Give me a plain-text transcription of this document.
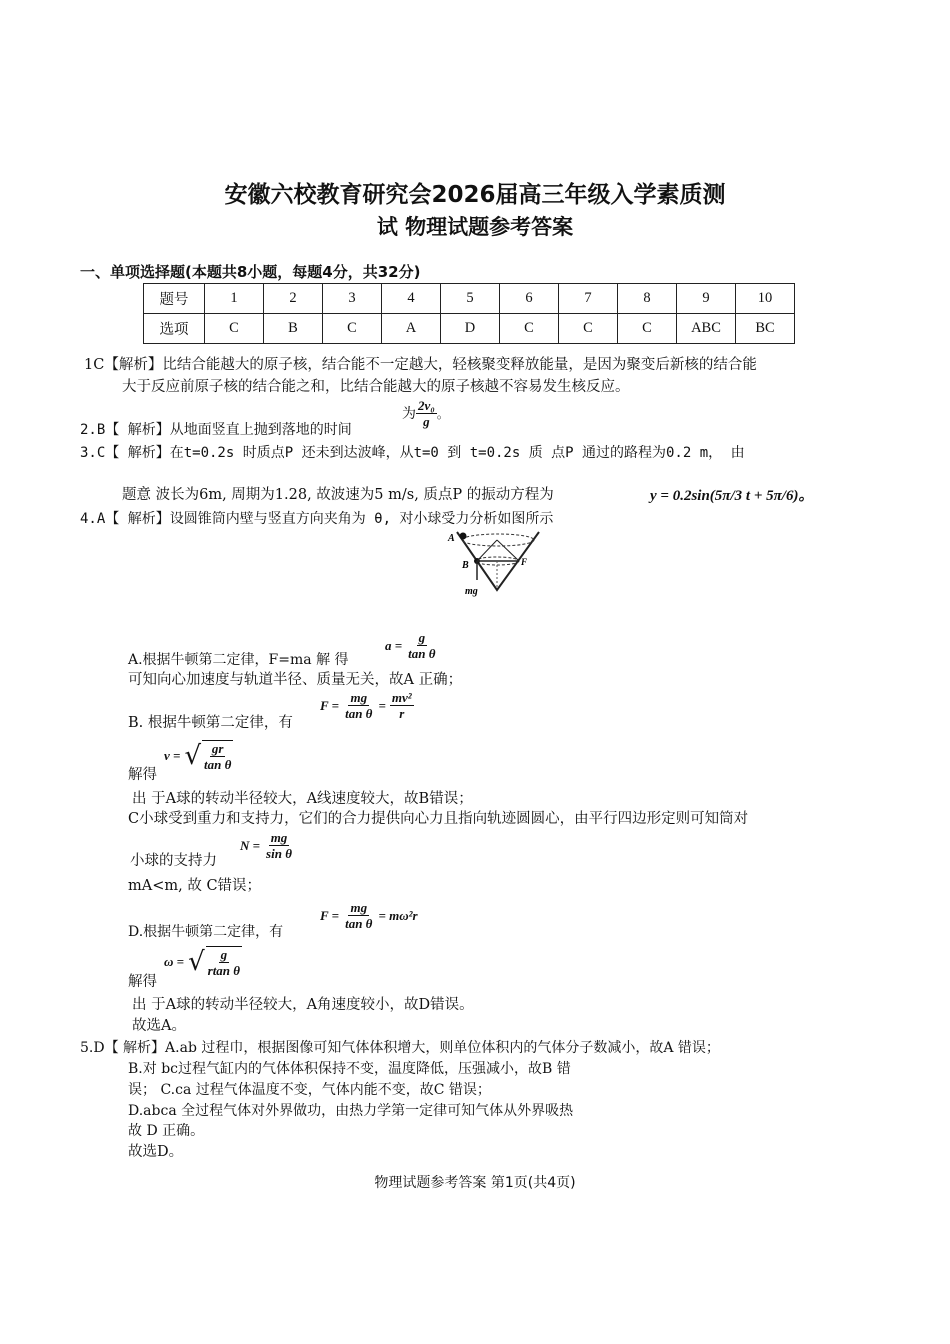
安徽六校教育研究会2026届高三年级入学素质测
试 物理试题参考答案
一、单项选择题(本题共8小题，每题4分，共32分)
题号	1	2	3	4	5	6	7	8	9	10
选项	C	B	C	A	D	C	C	C	ABC	BC
1C【解析】比结合能越大的原子核，结合能不一定越大，轻核聚变释放能量，是因为聚变后新核的结合能
大于反应前原子核的结合能之和，比结合能越大的原子核越不容易发生核反应。
2.B【 解析】从地面竖直上抛到落地的时间
为 $\frac{\text{2v₀}}{g}$ 。
3.C【 解析】在t=0.2s 时质点P 还未到达波峰，从t=0 到 t=0.2s 质 点P 通过的路程为0.2 m， 由
题意 波长为6m, 周期为1.28, 故波速为5 m/s, 质点P 的振动方程为	y = 0.2sin(5π/3 t + 5π/6)。
4.A【 解析】设圆锥筒内壁与竖直方向夹角为 θ, 对小球受力分析如图所示
A
B	F
mg
A.根据牛顿第二定律，F=ma 解 得
$a = \frac{g}{\text{tan θ}}$
可知向心加速度与轨道半径、质量无关，故A 正确；
B. 根据牛顿第二定律，有
$F = \frac{mg}{\text{tan θ}} = \frac{\text{mv²}}{r}$
解得
v = √ $\frac{gr}{\text{tan θ}}$
出 于A球的转动半径较大，A线速度较大，故B错误；
C小球受到重力和支持力，它们的合力提供向心力且指向轨迹圆圆心，由平行四边形定则可知筒对
小球的支持力
$N = \frac{mg}{\text{sin θ}}$
mA<m, 故 C错误；
D.根据牛顿第二定律，有
$F = \frac{mg}{\text{tan θ}} = m\omega^2r$
解得
ω = √ $\frac{g}{\text{rtan θ}}$
出 于A球的转动半径较大，A角速度较小，故D错误。
故选A。
5.D【 解析】A.ab 过程巾，根据图像可知气体体积增大，则单位体积内的气体分子数减小，故A 错误；
B.对 bc过程气缸内的气体体积保持不变，温度降低，压强减小，故B 错
误； C.ca 过程气体温度不变，气体内能不变，故C 错误；
D.abca 全过程气体对外界做功，由热力学第一定律可知气体从外界吸热
故 D 正确。
故选D。
物理试题参考答案 第1页(共4页)
